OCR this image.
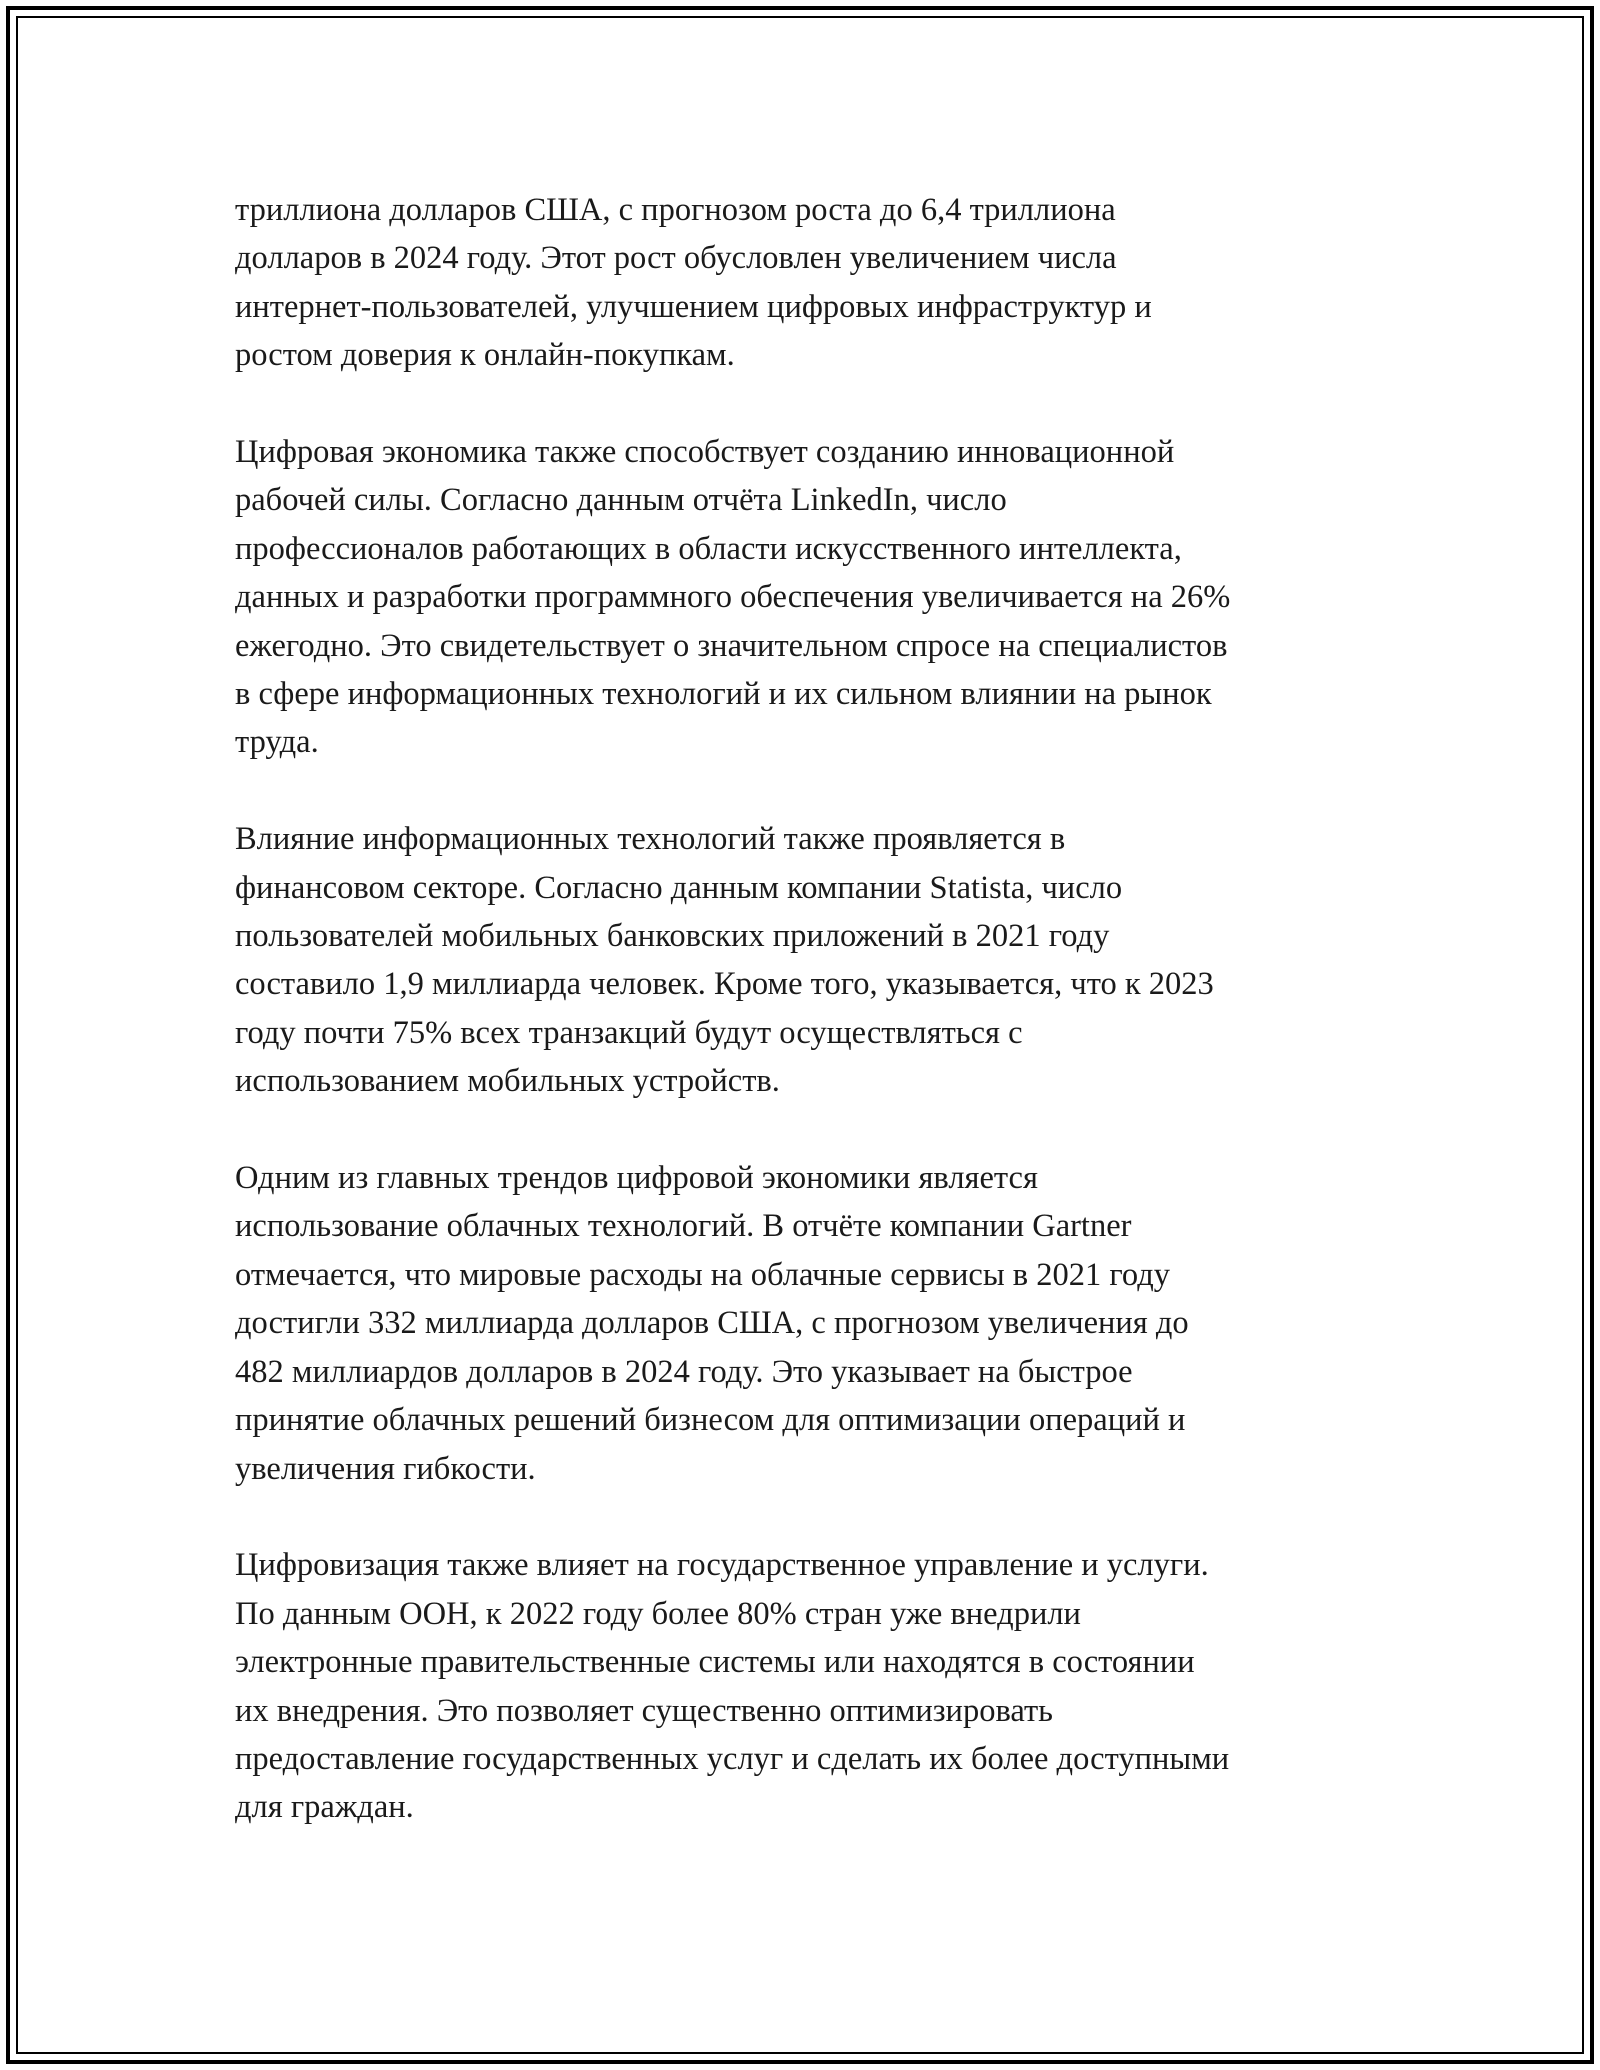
триллиона долларов США, с прогнозом роста до 6,4 триллиона
долларов в 2024 году. Этот рост обусловлен увеличением числа
интернет-пользователей, улучшением цифровых инфраструктур и
ростом доверия к онлайн-покупкам.

Цифровая экономика также способствует созданию инновационной
рабочей силы. Согласно данным отчёта LinkedIn, число
профессионалов работающих в области искусственного интеллекта,
данных и разработки программного обеспечения увеличивается на 26%
ежегодно. Это свидетельствует о значительном спросе на специалистов
в сфере информационных технологий и их сильном влиянии на рынок
труда.

Влияние информационных технологий также проявляется в
финансовом секторе. Согласно данным компании Statista, число
пользователей мобильных банковских приложений в 2021 году
составило 1,9 миллиарда человек. Кроме того, указывается, что к 2023
году почти 75% всех транзакций будут осуществляться с
использованием мобильных устройств.

Одним из главных трендов цифровой экономики является
использование облачных технологий. В отчёте компании Gartner
отмечается, что мировые расходы на облачные сервисы в 2021 году
достигли 332 миллиарда долларов США, с прогнозом увеличения до
482 миллиардов долларов в 2024 году. Это указывает на быстрое
принятие облачных решений бизнесом для оптимизации операций и
увеличения гибкости.

Цифровизация также влияет на государственное управление и услуги.
По данным ООН, к 2022 году более 80% стран уже внедрили
электронные правительственные системы или находятся в состоянии
их внедрения. Это позволяет существенно оптимизировать
предоставление государственных услуг и сделать их более доступными
для граждан.
